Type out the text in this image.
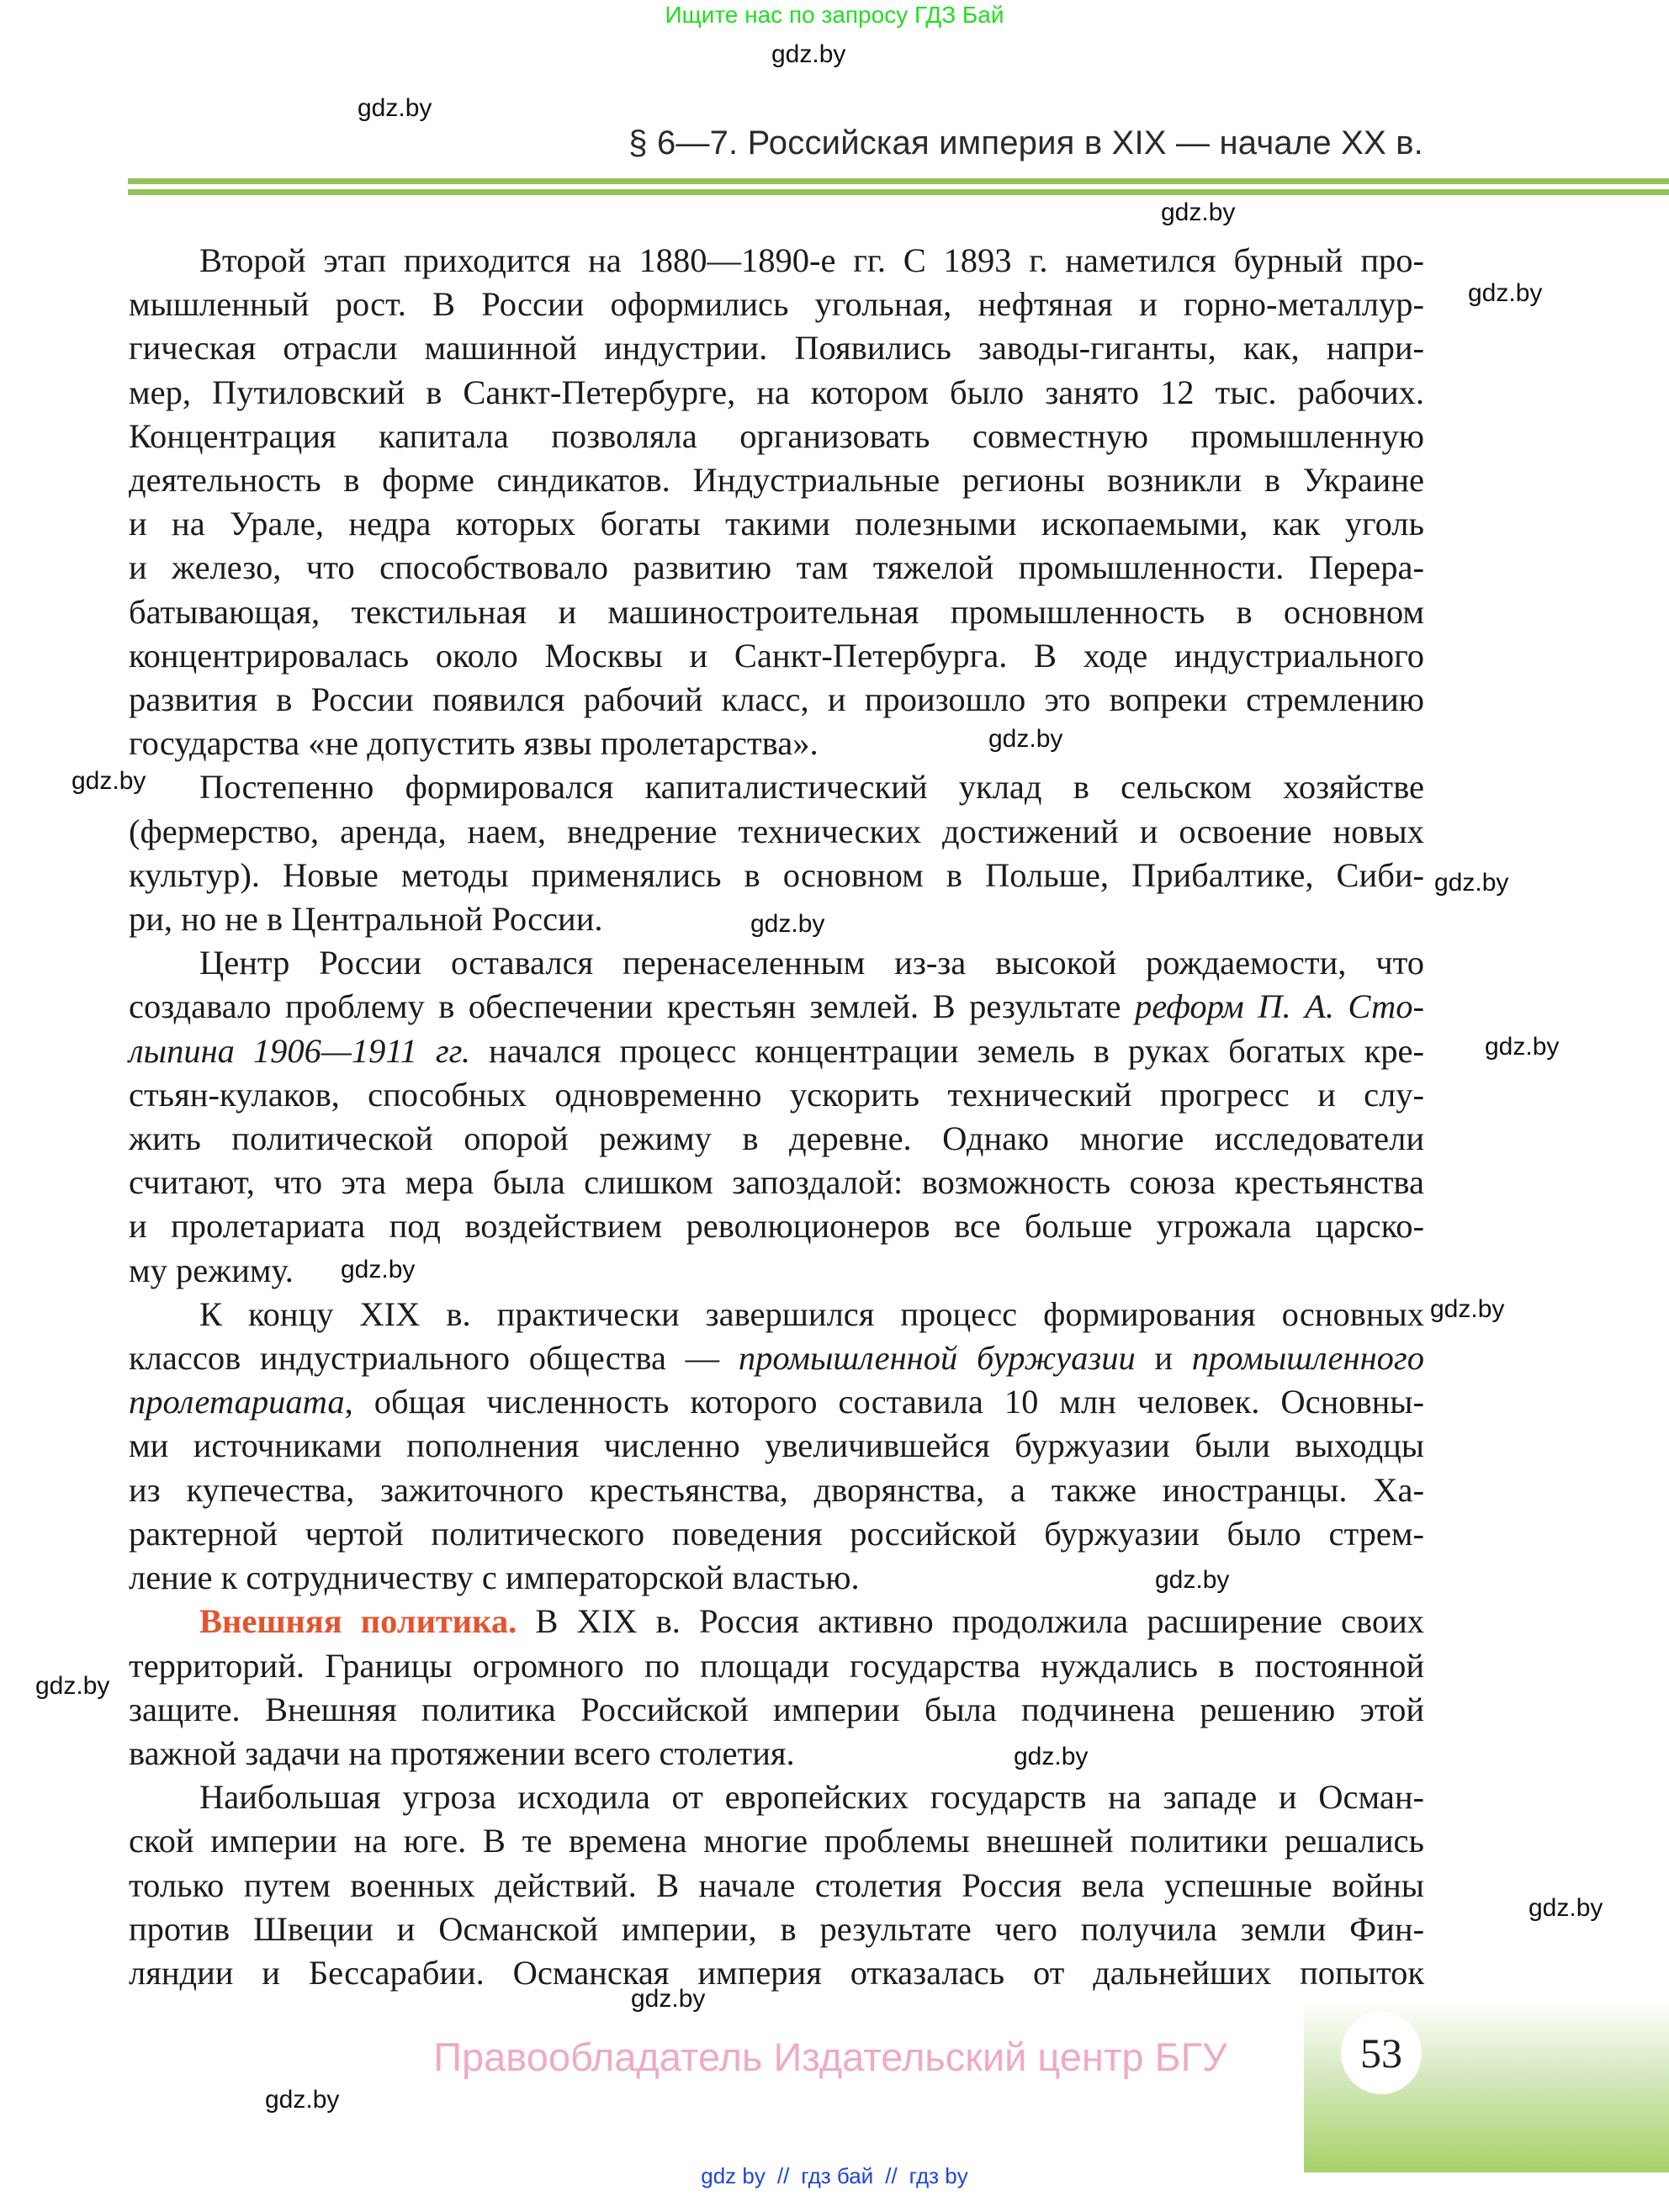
Ищите нас по запросу ГДЗ Бай
gdz.by
gdz.by
gdz.by
gdz.by
gdz.by
gdz.by
gdz.by
gdz.by
gdz.by
gdz.by
gdz.by
gdz.by
gdz.by
gdz.by
gdz.by
gdz.by
gdz.by
§ 6—7. Российская империя в XIX — начале XX в.
Второй этап приходится на 1880—1890-е гг. С 1893 г. наметился бурный про-
мышленный рост. В России оформились угольная, нефтяная и горно-металлур-
гическая отрасли машинной индустрии. Появились заводы-гиганты, как, напри-
мер, Путиловский в Санкт-Петербурге, на котором было занято 12 тыс. рабочих.
Концентрация капитала позволяла организовать совместную промышленную
деятельность в форме синдикатов. Индустриальные регионы возникли в Украине
и на Урале, недра которых богаты такими полезными ископаемыми, как уголь
и железо, что способствовало развитию там тяжелой промышленности. Перера-
батывающая, текстильная и машиностроительная промышленность в основном
концентрировалась около Москвы и Санкт-Петербурга. В ходе индустриального
развития в России появился рабочий класс, и произошло это вопреки стремлению
государства «не допустить язвы пролетарства».
Постепенно формировался капиталистический уклад в сельском хозяйстве
(фермерство, аренда, наем, внедрение технических достижений и освоение новых
культур). Новые методы применялись в основном в Польше, Прибалтике, Сиби-
ри, но не в Центральной России.
Центр России оставался перенаселенным из-за высокой рождаемости, что
создавало проблему в обеспечении крестьян землей. В результате реформ П. А. Сто-
лыпина 1906—1911 гг. начался процесс концентрации земель в руках богатых кре-
стьян-кулаков, способных одновременно ускорить технический прогресс и слу-
жить политической опорой режиму в деревне. Однако многие исследователи
считают, что эта мера была слишком запоздалой: возможность союза крестьянства
и пролетариата под воздействием революционеров все больше угрожала царско-
му режиму.
К концу XIX в. практически завершился процесс формирования основных
классов индустриального общества — промышленной буржуазии и промышленного
пролетариата, общая численность которого составила 10 млн человек. Основны-
ми источниками пополнения численно увеличившейся буржуазии были выходцы
из купечества, зажиточного крестьянства, дворянства, а также иностранцы. Ха-
рактерной чертой политического поведения российской буржуазии было стрем-
ление к сотрудничеству с императорской властью.
Внешняя политика. В XIX в. Россия активно продолжила расширение своих
территорий. Границы огромного по площади государства нуждались в постоянной
защите. Внешняя политика Российской империи была подчинена решению этой
важной задачи на протяжении всего столетия.
Наибольшая угроза исходила от европейских государств на западе и Осман-
ской империи на юге. В те времена многие проблемы внешней политики решались
только путем военных действий. В начале столетия Россия вела успешные войны
против Швеции и Османской империи, в результате чего получила земли Фин-
ляндии и Бессарабии. Османская империя отказалась от дальнейших попыток
53
Правообладатель Издательский центр БГУ
gdz by // гдз бай // гдз by
